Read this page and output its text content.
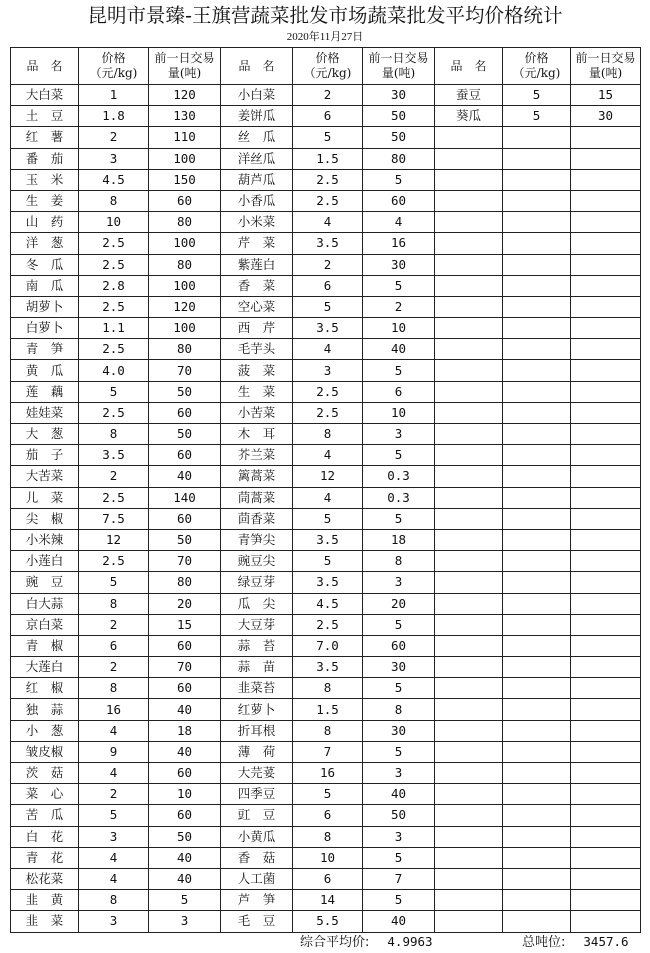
昆明市景臻-王旗营蔬菜批发市场蔬菜批发平均价格统计
2020年11月27日
品　名	价格（元/kg)	前一日交易量(吨)	品　名	价格（元/kg)	前一日交易量(吨)	品　名	价格（元/kg)	前一日交易量(吨)
大白菜	1	120	小白菜	2	30	蚕豆	5	15
土　豆	1.8	130	姜饼瓜	6	50	葵瓜	5	30
红　薯	2	110	丝　瓜	5	50			
番　茄	3	100	洋丝瓜	1.5	80			
玉　米	4.5	150	葫芦瓜	2.5	5			
生　姜	8	60	小香瓜	2.5	60			
山　药	10	80	小米菜	4	4			
洋　葱	2.5	100	芹　菜	3.5	16			
冬　瓜	2.5	80	紫莲白	2	30			
南　瓜	2.8	100	香　菜	6	5			
胡萝卜	2.5	120	空心菜	5	2			
白萝卜	1.1	100	西　芹	3.5	10			
青　笋	2.5	80	毛芋头	4	40			
黄　瓜	4.0	70	菠　菜	3	5			
莲　藕	5	50	生　菜	2.5	6			
娃娃菜	2.5	60	小苦菜	2.5	10			
大　葱	8	50	木　耳	8	3			
茄　子	3.5	60	芥兰菜	4	5			
大苦菜	2	40	篱蒿菜	12	0.3			
儿　菜	2.5	140	茼蒿菜	4	0.3			
尖　椒	7.5	60	茴香菜	5	5			
小米辣	12	50	青笋尖	3.5	18			
小莲白	2.5	70	豌豆尖	5	8			
豌　豆	5	80	绿豆芽	3.5	3			
白大蒜	8	20	瓜　尖	4.5	20			
京白菜	2	15	大豆芽	2.5	5			
青　椒	6	60	蒜　苔	7.0	60			
大莲白	2	70	蒜　苗	3.5	30			
红　椒	8	60	韭菜苔	8	5			
独　蒜	16	40	红萝卜	1.5	8			
小　葱	4	18	折耳根	8	30			
皱皮椒	9	40	薄　荷	7	5			
茨　菇	4	60	大芫荽	16	3			
菜　心	2	10	四季豆	5	40			
苦　瓜	5	60	豇　豆	6	50			
白　花	3	50	小黄瓜	8	3			
青　花	4	40	香　菇	10	5			
松花菜	4	40	人工菌	6	7			
韭　黄	8	5	芦　笋	14	5			
韭　菜	3	3	毛　豆	5.5	40			
综合平均价: 4.9963	总吨位: 3457.6
